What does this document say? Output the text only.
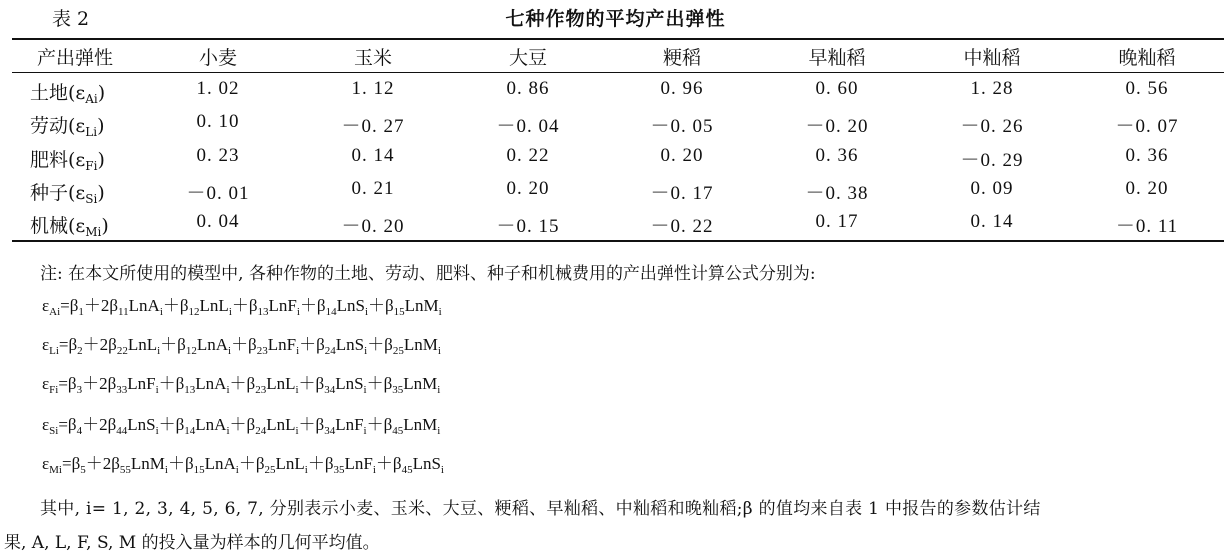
表 2	七种作物的平均产出弹性
产出弹性	小麦	玉米	大豆	粳稻	早籼稻	中籼稻	晚籼稻
土地$(\varepsilon_{Ai})$	1. 02	1. 12	0. 86	0. 96	0. 60	1. 28	0. 56
劳动$(\varepsilon_{Li})$	0. 10	－0. 27	－0. 04	－0. 05	－0. 20	－0. 26	－0. 07
肥料$(\varepsilon_{Fi})$	0. 23	0. 14	0. 22	0. 20	0. 36	－0. 29	0. 36
种子$(\varepsilon_{Si})$	－0. 01	0. 21	0. 20	－0. 17	－0. 38	0. 09	0. 20
机械$(\varepsilon_{Mi})$	0. 04	－0. 20	－0. 15	－0. 22	0. 17	0. 14	－0. 11
注: 在本文所使用的模型中, 各种作物的土地、劳动、肥料、种子和机械费用的产出弹性计算公式分别为:
$\varepsilon_{Ai}=\beta_1+2\beta_{11}LnA_i+\beta_{12}LnL_i+\beta_{13}LnF_i+\beta_{14}LnS_i+\beta_{15}LnM_i$
$\varepsilon_{Li}=\beta_2+2\beta_{22}LnL_i+\beta_{12}LnA_i+\beta_{23}LnF_i+\beta_{24}LnS_i+\beta_{25}LnM_i$
$\varepsilon_{Fi}=\beta_3+2\beta_{33}LnF_i+\beta_{13}LnA_i+\beta_{23}LnL_i+\beta_{34}LnS_i+\beta_{35}LnM_i$
$\varepsilon_{Si}=\beta_4+2\beta_{44}LnS_i+\beta_{14}LnA_i+\beta_{24}LnL_i+\beta_{34}LnF_i+\beta_{45}LnM_i$
$\varepsilon_{Mi}=\beta_5+2\beta_{55}LnM_i+\beta_{15}LnA_i+\beta_{25}LnL_i+\beta_{35}LnF_i+\beta_{45}LnS_i$
其中, i= 1, 2, 3, 4, 5, 6, 7, 分别表示小麦、玉米、大豆、粳稻、早籼稻、中籼稻和晚籼稻;β 的值均来自表 1 中报告的参数估计结
果, A, L, F, S, M 的投入量为样本的几何平均值。
